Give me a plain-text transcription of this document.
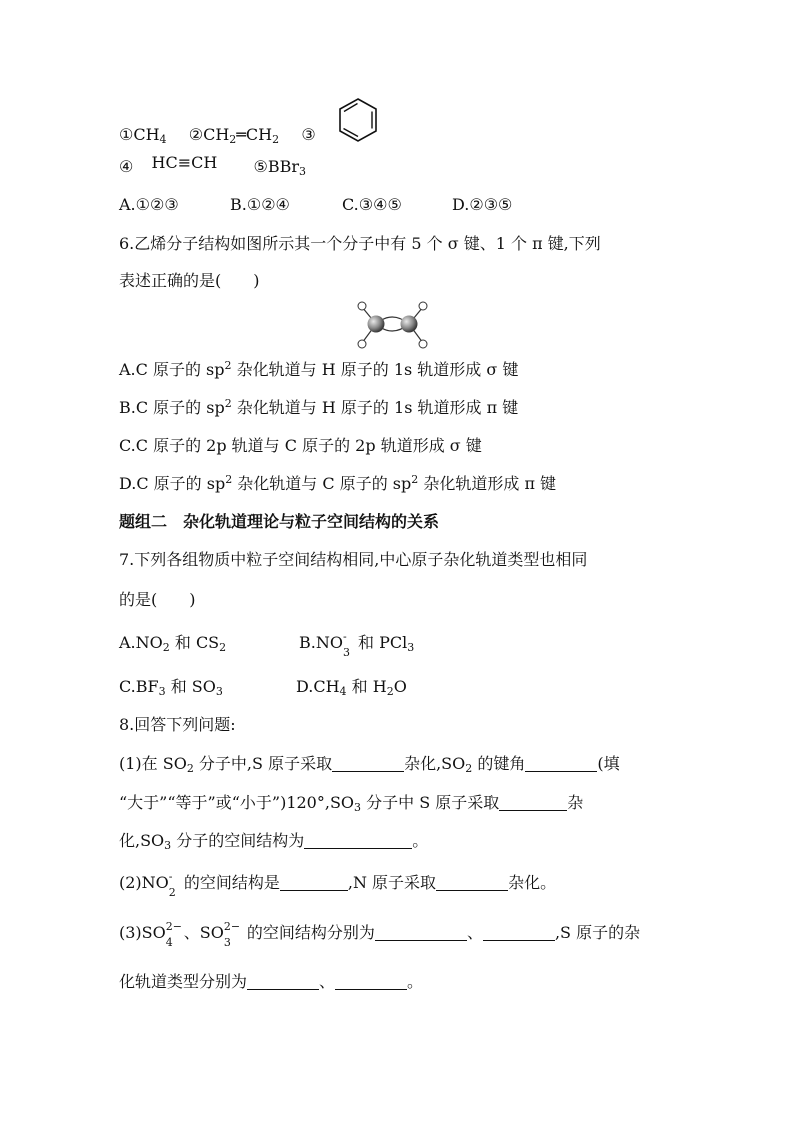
$①CH_4$ $②CH_2═CH_2$ ③
④ HC≡CH ⑤BBr$_3$
A.①②③	B.①②④	C.③④⑤	D.②③⑤
6.乙烯分子结构如图所示其一个分子中有 5 个 σ 键、1 个 π 键,下列
表述正确的是(　　)
A.C 原子的 $sp^2$ 杂化轨道与 H 原子的 1s 轨道形成 σ 键
B.C 原子的 $sp^2$ 杂化轨道与 H 原子的 1s 轨道形成 π 键
C.C 原子的 2p 轨道与 C 原子的 2p 轨道形成 σ 键
D.C 原子的 $sp^2$ 杂化轨道与 C 原子的 $sp^2$ 杂化轨道形成 π 键
题组二　杂化轨道理论与粒子空间结构的关系
7.下列各组物质中粒子空间结构相同,中心原子杂化轨道类型也相同
的是(　　)
$A.NO_2$ 和 $CS_2$	B.NO -
3
和 PCl$_3$
$C.BF_3$ 和 $SO_3$	$D.CH_4$ 和 $H_2O$
8.回答下列问题:
(1)在 $SO_2$ 分子中,S 原子采取	杂化$,SO_2$ 的键角	(填
“大于”“等于”或“小于$”)120^\circ,SO_3$ 分子中 S 原子采取	杂
化$,SO_3$ 分子的空间结构为	。
(2)NO -
2
的空间结构是	,N 原子采取	杂化。
(3)SO 2−
4
、SO 2−
3
的空间结构分别为	、	,S 原子的杂
化轨道类型分别为	、	。
